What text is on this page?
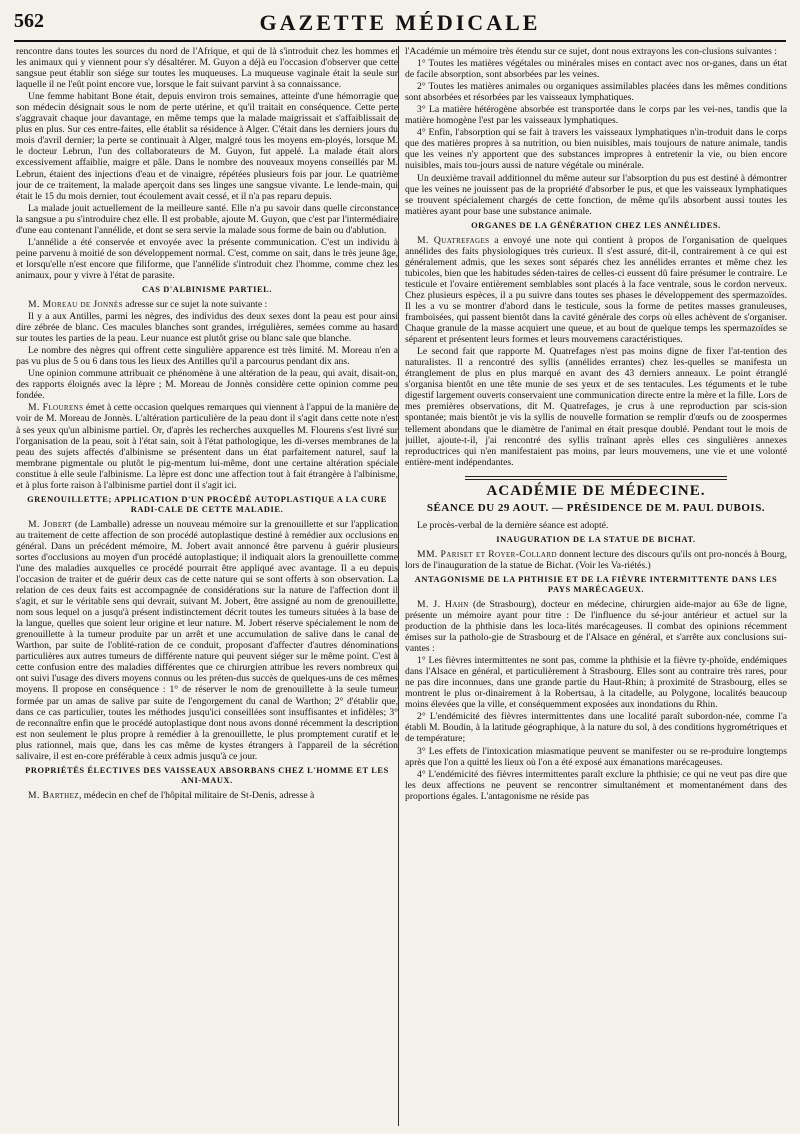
562	GAZETTE MÉDICALE

rencontre dans toutes les sources du nord de l'Afrique, et qui de là s'introduit chez les hommes et les animaux qui y viennent pour s'y désaltérer. M. Guyon a déjà eu l'occasion d'observer que cette sangsue peut établir son siége sur toutes les muqueuses. La muqueuse vaginale était la seule sur laquelle il ne l'eût point encore vue, lorsque le fait suivant parvint à sa connaissance.

Une femme habitant Bone était, depuis environ trois semaines, atteinte d'une hémorragie que son médecin désignait sous le nom de perte utérine, et qu'il traitait en conséquence. Cette perte s'aggravait chaque jour davantage, en même temps que la malade maigrissait et s'affaiblissait de plus en plus. Sur ces entre-faites, elle établit sa résidence à Alger. C'était dans les derniers jours du mois d'avril dernier; la perte se continuait à Alger, malgré tous les moyens em-ployés, lorsque M. le docteur Lebrun, l'un des collaborateurs de M. Guyon, fut appelé. La malade était alors excessivement affaiblie, maigre et pâle. Dans le nombre des nouveaux moyens conseillés par M. Lebrun, étaient des injections d'eau et de vinaigre, répétées plusieurs fois par jour. Le quatrième jour de ce traitement, la malade aperçoit dans ses linges une sangsue vivante. Le lende-main, qui était le 15 du mois dernier, tout écoulement avait cessé, et il n'a pas reparu depuis.

La malade jouit actuellement de la meilleure santé. Elle n'a pu savoir dans quelle circonstance la sangsue a pu s'introduire chez elle. Il est probable, ajoute M. Guyon, que c'est par l'intermédiaire d'une eau contenant l'annélide, et dont se sera servie la malade sous forme de bain ou d'ablution.

L'annélide a été conservée et envoyée avec la présente communication. C'est un individu à peine parvenu à moitié de son développement normal. C'est, comme on sait, dans le très jeune âge, et lorsqu'elle n'est encore que filiforme, que l'annélide s'introduit chez l'homme, comme chez les animaux, pour y vivre à l'état de parasite.

CAS D'ALBINISME PARTIEL.

M. Moreau de Jonnès adresse sur ce sujet la note suivante :

Il y a aux Antilles, parmi les nègres, des individus des deux sexes dont la peau est pour ainsi dire zébrée de blanc. Ces macules blanches sont grandes, irrégulières, semées comme au hasard sur toutes les parties de la peau. Leur nuance est plutôt grise ou blanc sale que blanche.

Le nombre des nègres qui offrent cette singulière apparence est très limité. M. Moreau n'en a pas vu plus de 5 ou 6 dans tous les lieux des Antilles qu'il a parcourus pendant dix ans.

Une opinion commune attribuait ce phénomène à une altération de la peau, qui avait, disait-on, des rapports éloignés avec la lèpre ; M. Moreau de Jonnès considère cette opinion comme peu fondée.

M. Flourens émet à cette occasion quelques remarques qui viennent à l'appui de la manière de voir de M. Moreau de Jonnès. L'altération particulière de la peau dont il s'agit dans cette note n'est à ses yeux qu'un albinisme partiel. Or, d'après les recherches auxquelles M. Flourens s'est livré sur l'organisation de la peau, soit à l'état sain, soit à l'état pathologique, les di-verses membranes de la peau des sujets affectés d'albinisme se présentent dans un état parfaitement naturel, sauf la membrane pigmentale ou plutôt le pig-mentum lui-même, dont une certaine altération spéciale constitue à elle seule l'albinisme. La lèpre est donc une affection tout à fait étrangère à l'albinisme, et à plus forte raison à l'albinisme partiel dont il s'agit ici.

GRENOUILLETTE; APPLICATION D'UN PROCÉDÉ AUTOPLASTIQUE A LA CURE RADI-CALE DE CETTE MALADIE.

M. Jobert (de Lamballe) adresse un nouveau mémoire sur la grenouillette et sur l'application au traitement de cette affection de son procédé autoplastique destiné à remédier aux occlusions en général. Dans un précédent mémoire, M. Jobert avait annoncé être parvenu à guérir plusieurs sortes d'occlusions au moyen d'un procédé autoplastique; il indiquait alors la grenouillette comme l'une des maladies auxquelles ce procédé pourrait être appliqué avec avantage. Il a eu depuis l'occasion de traiter et de guérir deux cas de cette nature qui se sont offerts à son observation. La relation de ces deux faits est accompagnée de considérations sur la nature de l'affection dont il s'agit, et sur le véritable sens qui devrait, suivant M. Jobert, être assigné au nom de grenouillette, nom sous lequel on a jusqu'à présent indistinctement décrit toutes les tumeurs situées à la base de la langue, quelles que soient leur origine et leur nature. M. Jobert réserve spécialement le nom de grenouillette à la tumeur produite par un arrêt et une accumulation de salive dans le canal de Warthon, par suite de l'oblité-ration de ce conduit, proposant d'affecter d'autres dénominations particulières aux autres tumeurs de différente nature qui peuvent siéger sur le même point. C'est à cette confusion entre des maladies différentes que ce chirurgien attribue les revers nombreux qui ont suivi l'usage des divers moyens connus ou les préten-dus succès de quelques-uns de ces mêmes moyens. Il propose en conséquence : 1° de réserver le nom de grenouillette à la seule tumeur formée par un amas de salive par suite de l'engorgement du canal de Warthon; 2° d'établir que, dans ce cas particulier, toutes les méthodes jusqu'ici conseillées sont insuffisantes et infidèles; 3° de reconnaître enfin que le procédé autoplastique dont nous avons donné récemment la description est non seulement le plus propre à remédier à la grenouillette, le plus promptement curatif et le plus rationnel, mais que, dans les cas même de kystes étrangers à l'appareil de la sécrétion salivaire, il est en-core préférable à ceux admis jusqu'à ce jour.

PROPRIÉTÉS ÉLECTIVES DES VAISSEAUX ABSORBANS CHEZ L'HOMME ET LES ANI-MAUX.

M. Barthez, médecin en chef de l'hôpital militaire de St-Denis, adresse à

l'Académie un mémoire très étendu sur ce sujet, dont nous extrayons les con-clusions suivantes :

1° Toutes les matières végétales ou minérales mises en contact avec nos or-ganes, dans un état de facile absorption, sont absorbées par les veines.

2° Toutes les matières animales ou organiques assimilables placées dans les mêmes conditions sont absorbées et résorbées par les vaisseaux lymphatiques.

3° La matière hétérogène absorbée est transportée dans le corps par les vei-nes, tandis que la matière homogène l'est par les vaisseaux lymphatiques.

4° Enfin, l'absorption qui se fait à travers les vaisseaux lymphatiques n'in-troduit dans le corps que des matières propres à sa nutrition, ou bien nuisibles, mais toujours de nature animale, tandis que les veines n'y apportent que des substances impropres à entretenir la vie, ou bien encore nuisibles, mais tou-jours aussi de nature végétale ou minérale.

Un deuxième travail additionnel du même auteur sur l'absorption du pus est destiné à démontrer que les veines ne jouissent pas de la propriété d'absorber le pus, et que les vaisseaux lymphatiques se trouvent spécialement chargés de cette fonction, de même qu'ils absorbent aussi toutes les matières ayant pour base une substance animale.

ORGANES DE LA GÉNÉRATION CHEZ LES ANNÉLIDES.

M. Quatrefages a envoyé une note qui contient à propos de l'organisation de quelques annélides des faits physiologiques très curieux. Il s'est assuré, dit-il, contrairement à ce qui est généralement admis, que les sexes sont séparés chez les annélides errantes et même chez les tubicoles, bien que les habitudes séden-taires de celles-ci eussent dû faire présumer le contraire. Le testicule et l'ovaire entièrement semblables sont placés à la face ventrale, sous le cordon nerveux. Chez plusieurs espèces, il a pu suivre dans toutes ses phases le développement des spermazoïdes. Il les a vu se montrer d'abord dans le testicule, sous la forme de petites masses granuleuses, framboisées, qui passent bientôt dans la cavité générale des corps où elles achèvent de s'organiser. Chaque granule de la masse acquiert une queue, et au bout de quelque temps les spermazoïdes se séparent et présentent leurs formes et leurs mouvemens caractéristiques.

Le second fait que rapporte M. Quatrefages n'est pas moins digne de fixer l'at-tention des naturalistes. Il a rencontré des syllis (annélides errantes) chez les-quelles se manifesta un étranglement de plus en plus marqué en avant des 43 derniers anneaux. Le point étranglé s'organisa bientôt en une tête munie de ses yeux et de ses tentacules. Les téguments et le tube digestif largement ouverts conservaient une communication directe entre la mère et la fille. Lors de mes premières observations, dit M. Quatrefages, je crus à une reproduction par scis-sion spontanée; mais bientôt je vis la syllis de nouvelle formation se remplir d'œufs ou de zoospermes tellement abondans que le diamètre de l'animal en était presque doublé. Pendant tout le mois de juillet, ajoute-t-il, j'ai rencontré des syllis traînant après elles ces singulières annexes reproductrices qui n'en manifestaient pas moins, par leurs mouvemens, une vie et une volonté entière-ment indépendantes.

ACADÉMIE DE MÉDECINE.
SÉANCE DU 29 AOUT. — PRÉSIDENCE DE M. PAUL DUBOIS.

Le procès-verbal de la dernière séance est adopté.

INAUGURATION DE LA STATUE DE BICHAT.

MM. Pariset et Royer-Collard donnent lecture des discours qu'ils ont pro-noncés à Bourg, lors de l'inauguration de la statue de Bichat. (Voir les Va-riétés.)

ANTAGONISME DE LA PHTHISIE ET DE LA FIÈVRE INTERMITTENTE DANS LES PAYS MARÉCAGEUX.

M. J. Hahn (de Strasbourg), docteur en médecine, chirurgien aide-major au 63e de ligne, présente un mémoire ayant pour titre : De l'influence du sé-jour antérieur et actuel sur la production de la phthisie dans les loca-lités marécageuses. Il combat des opinions récemment émises sur la patholo-gie de Strasbourg et de l'Alsace en général, et s'arrête aux conclusions sui-vantes :

1° Les fièvres intermittentes ne sont pas, comme la phthisie et la fièvre ty-phoïde, endémiques dans l'Alsace en général, et particulièrement à Strasbourg. Elles sont au contraire très rares, pour ne pas dire inconnues, dans une grande partie du Haut-Rhin; à proximité de Strasbourg, elles se montrent le plus or-dinairement à la Robertsau, à la citadelle, au Polygone, localités beaucoup moins élevées que la ville, et conséquemment exposées aux inondations du Rhin.

2° L'endémicité des fièvres intermittentes dans une localité paraît subordon-née, comme l'a établi M. Boudin, à la latitude géographique, à la nature du sol, à des conditions hygrométriques et de température;

3° Les effets de l'intoxication miasmatique peuvent se manifester ou se re-produire longtemps après que l'on a quitté les lieux où l'on a été exposé aux émanations marécageuses.

4° L'endémicité des fièvres intermittentes paraît exclure la phthisie; ce qui ne veut pas dire que les deux affections ne peuvent se rencontrer simultanément et momentanément dans des proportions égales. L'antagonisme ne réside pas
